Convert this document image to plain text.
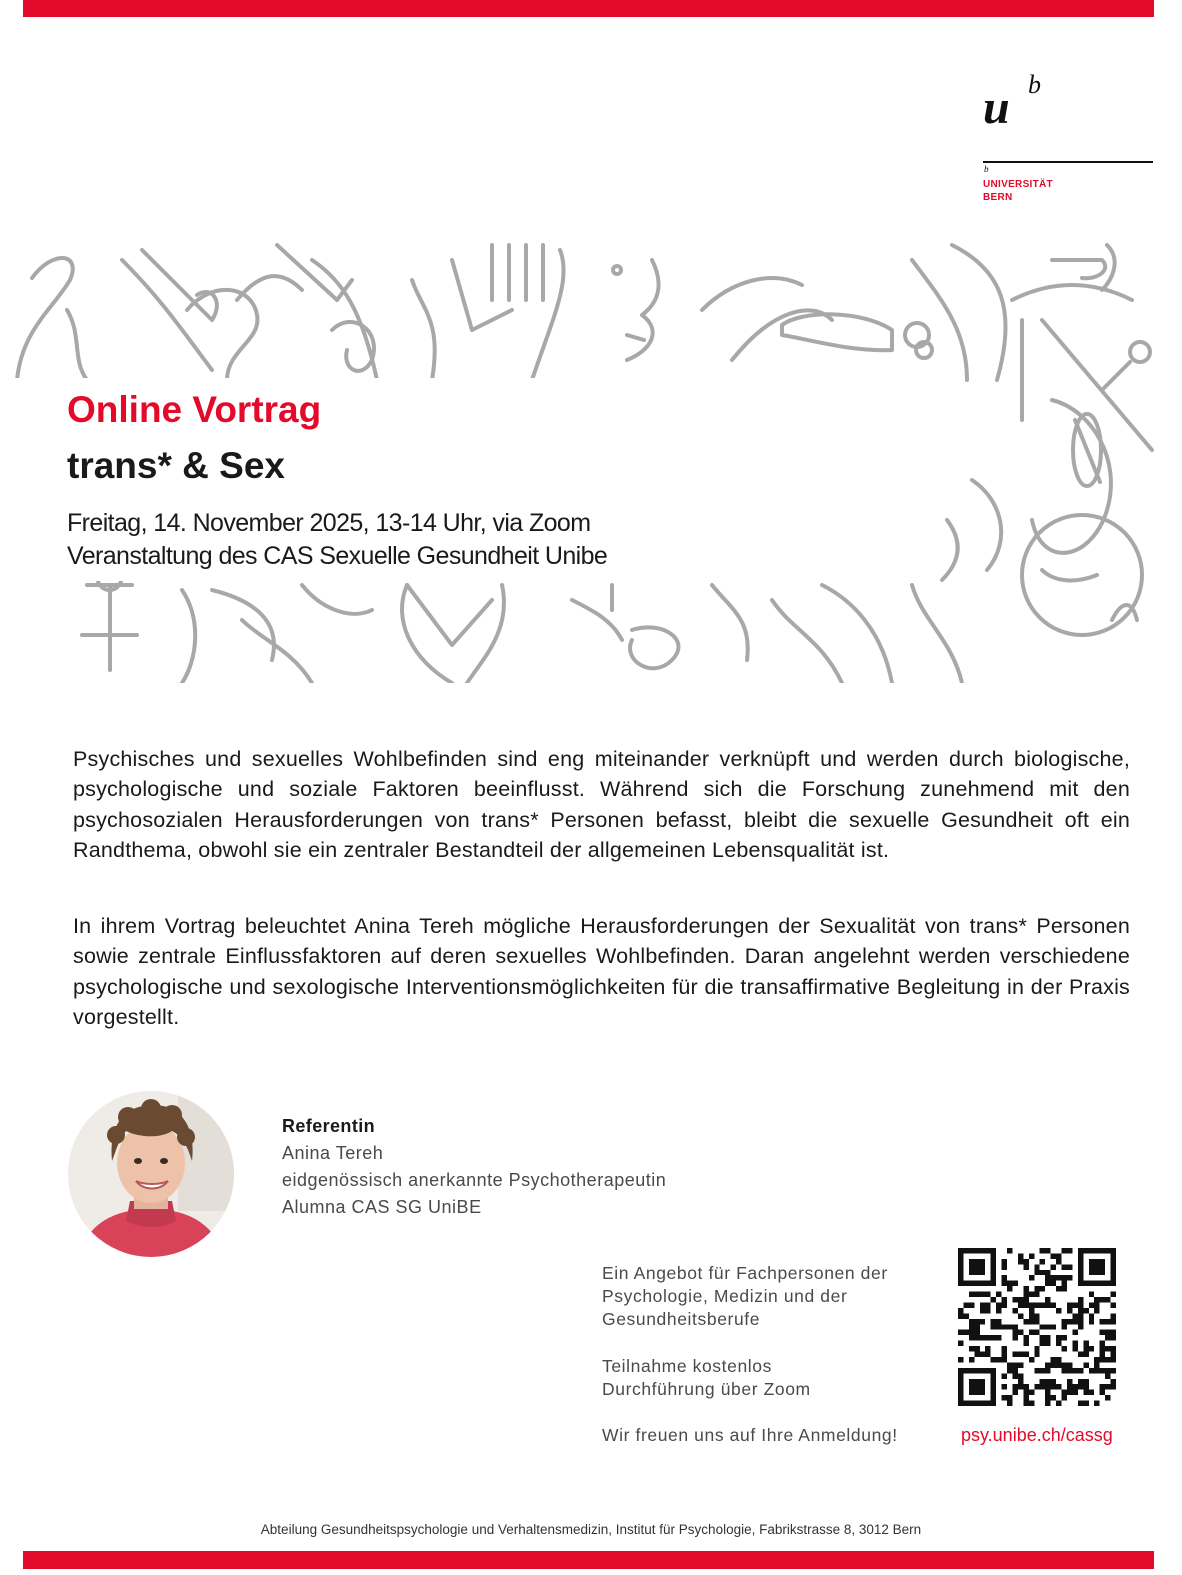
u b
b
UNIVERSITÄT
BERN
Online Vortrag
trans* & Sex
Freitag, 14. November 2025, 13-14 Uhr, via Zoom
Veranstaltung des CAS Sexuelle Gesundheit Unibe

Psychisches und sexuelles Wohlbefinden sind eng miteinander verknüpft und werden durch biologische, psychologische und soziale Faktoren beeinflusst. Während sich die Forschung zunehmend mit den psychosozialen Herausforderungen von trans* Personen befasst, bleibt die sexuelle Gesundheit oft ein Randthema, obwohl sie ein zentraler Bestandteil der allgemeinen Lebensqualität ist.

In ihrem Vortrag beleuchtet Anina Tereh mögliche Herausforderungen der Sexualität von trans* Personen sowie zentrale Einflussfaktoren auf deren sexuelles Wohlbefinden. Daran angelehnt werden verschiedene psychologische und sexologische Interventionsmöglichkeiten für die transaffirmative Begleitung in der Praxis vorgestellt.

Referentin
Anina Tereh
eidgenössisch anerkannte Psychotherapeutin
Alumna CAS SG UniBE
Ein Angebot für Fachpersonen der
Psychologie, Medizin und der
Gesundheitsberufe
Teilnahme kostenlos
Durchführung über Zoom
Wir freuen uns auf Ihre Anmeldung!	psy.unibe.ch/cassg
Abteilung Gesundheitspsychologie und Verhaltensmedizin, Institut für Psychologie, Fabrikstrasse 8, 3012 Bern
